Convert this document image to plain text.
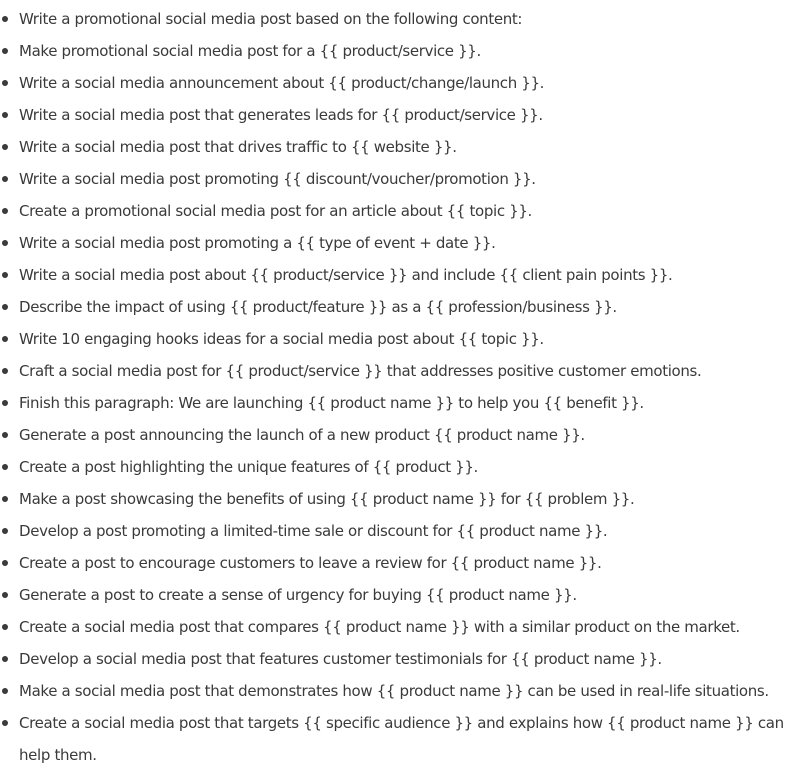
Write a promotional social media post based on the following content:
Make promotional social media post for a {{ product/service }}.
Write a social media announcement about {{ product/change/launch }}.
Write a social media post that generates leads for {{ product/service }}.
Write a social media post that drives traffic to {{ website }}.
Write a social media post promoting {{ discount/voucher/promotion }}.
Create a promotional social media post for an article about {{ topic }}.
Write a social media post promoting a {{ type of event + date }}.
Write a social media post about {{ product/service }} and include {{ client pain points }}.
Describe the impact of using {{ product/feature }} as a {{ profession/business }}.
Write 10 engaging hooks ideas for a social media post about {{ topic }}.
Craft a social media post for {{ product/service }} that addresses positive customer emotions.
Finish this paragraph: We are launching {{ product name }} to help you {{ benefit }}.
Generate a post announcing the launch of a new product {{ product name }}.
Create a post highlighting the unique features of {{ product }}.
Make a post showcasing the benefits of using {{ product name }} for {{ problem }}.
Develop a post promoting a limited-time sale or discount for {{ product name }}.
Create a post to encourage customers to leave a review for {{ product name }}.
Generate a post to create a sense of urgency for buying {{ product name }}.
Create a social media post that compares {{ product name }} with a similar product on the market.
Develop a social media post that features customer testimonials for {{ product name }}.
Make a social media post that demonstrates how {{ product name }} can be used in real-life situations.
Create a social media post that targets {{ specific audience }} and explains how {{ product name }} can help them.
